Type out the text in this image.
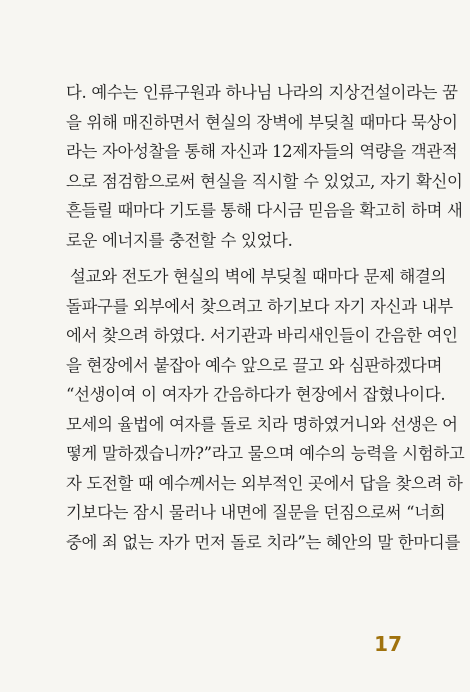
다. 예수는 인류구원과 하나님 나라의 지상건설이라는 꿈
을 위해 매진하면서 현실의 장벽에 부딪칠 때마다 묵상이
라는 자아성찰을 통해 자신과 12제자들의 역량을 객관적
으로 점검함으로써 현실을 직시할 수 있었고, 자기 확신이
흔들릴 때마다 기도를 통해 다시금 믿음을 확고히 하며 새
로운 에너지를 충전할 수 있었다.
설교와 전도가 현실의 벽에 부딪칠 때마다 문제 해결의
돌파구를 외부에서 찾으려고 하기보다 자기 자신과 내부
에서 찾으려 하였다. 서기관과 바리새인들이 간음한 여인
을 현장에서 붙잡아 예수 앞으로 끌고 와 심판하겠다며
“선생이여 이 여자가 간음하다가 현장에서 잡혔나이다.
모세의 율법에 여자를 돌로 치라 명하였거니와 선생은 어
떻게 말하겠습니까?”라고 물으며 예수의 능력을 시험하고
자 도전할 때 예수께서는 외부적인 곳에서 답을 찾으려 하
기보다는 잠시 물러나 내면에 질문을 던짐으로써 “너희
중에 죄 없는 자가 먼저 돌로 치라”는 혜안의 말 한마디를
17
